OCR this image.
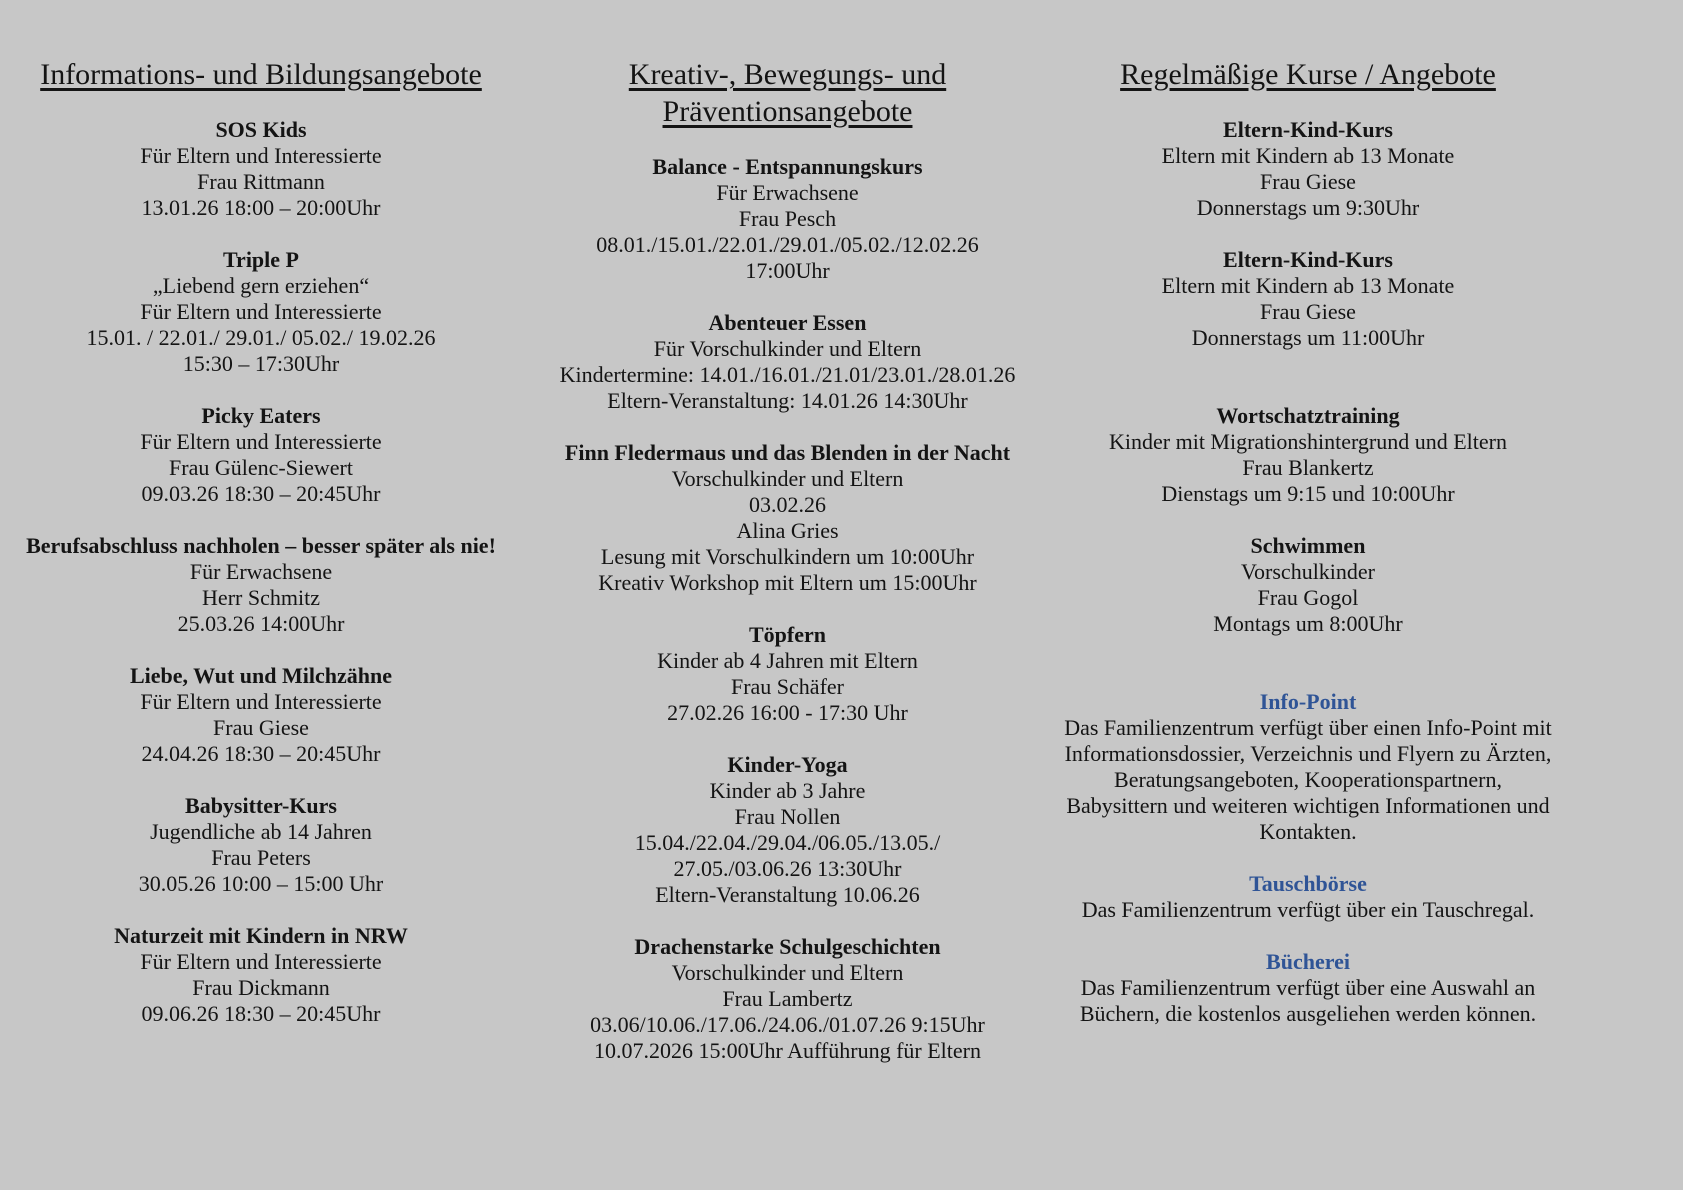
Informations- und Bildungsangebote

SOS Kids

Für Eltern und Interessierte

Frau Rittmann

13.01.26 18:00 – 20:00Uhr

Triple P

„Liebend gern erziehen“

Für Eltern und Interessierte

15.01. / 22.01./ 29.01./ 05.02./ 19.02.26

15:30 – 17:30Uhr

Picky Eaters

Für Eltern und Interessierte

Frau Gülenc-Siewert

09.03.26 18:30 – 20:45Uhr

Berufsabschluss nachholen – besser später als nie!

Für Erwachsene

Herr Schmitz

25.03.26 14:00Uhr

Liebe, Wut und Milchzähne

Für Eltern und Interessierte

Frau Giese

24.04.26 18:30 – 20:45Uhr

Babysitter-Kurs

Jugendliche ab 14 Jahren

Frau Peters

30.05.26 10:00 – 15:00 Uhr

Naturzeit mit Kindern in NRW

Für Eltern und Interessierte

Frau Dickmann

09.06.26 18:30 – 20:45Uhr

Kreativ-, Bewegungs- und Präventionsangebote

Balance - Entspannungskurs

Für Erwachsene

Frau Pesch

08.01./15.01./22.01./29.01./05.02./12.02.26

17:00Uhr

Abenteuer Essen

Für Vorschulkinder und Eltern

Kindertermine: 14.01./16.01./21.01/23.01./28.01.26

Eltern-Veranstaltung: 14.01.26 14:30Uhr

Finn Fledermaus und das Blenden in der Nacht

Vorschulkinder und Eltern

03.02.26

Alina Gries

Lesung mit Vorschulkindern um 10:00Uhr

Kreativ Workshop mit Eltern um 15:00Uhr

Töpfern

Kinder ab 4 Jahren mit Eltern

Frau Schäfer

27.02.26 16:00 - 17:30 Uhr

Kinder-Yoga

Kinder ab 3 Jahre

Frau Nollen

15.04./22.04./29.04./06.05./13.05./

27.05./03.06.26 13:30Uhr

Eltern-Veranstaltung 10.06.26

Drachenstarke Schulgeschichten

Vorschulkinder und Eltern

Frau Lambertz

03.06/10.06./17.06./24.06./01.07.26 9:15Uhr

10.07.2026 15:00Uhr Aufführung für Eltern

Regelmäßige Kurse / Angebote

Eltern-Kind-Kurs

Eltern mit Kindern ab 13 Monate

Frau Giese

Donnerstags um 9:30Uhr

Eltern-Kind-Kurs

Eltern mit Kindern ab 13 Monate

Frau Giese

Donnerstags um 11:00Uhr

Wortschatztraining

Kinder mit Migrationshintergrund und Eltern

Frau Blankertz

Dienstags um 9:15 und 10:00Uhr

Schwimmen

Vorschulkinder

Frau Gogol

Montags um 8:00Uhr

Info-Point

Das Familienzentrum verfügt über einen Info-Point mit Informationsdossier, Verzeichnis und Flyern zu Ärzten, Beratungsangeboten, Kooperationspartnern, Babysittern und weiteren wichtigen Informationen und Kontakten.

Tauschbörse

Das Familienzentrum verfügt über ein Tauschregal.

Bücherei

Das Familienzentrum verfügt über eine Auswahl an Büchern, die kostenlos ausgeliehen werden können.
